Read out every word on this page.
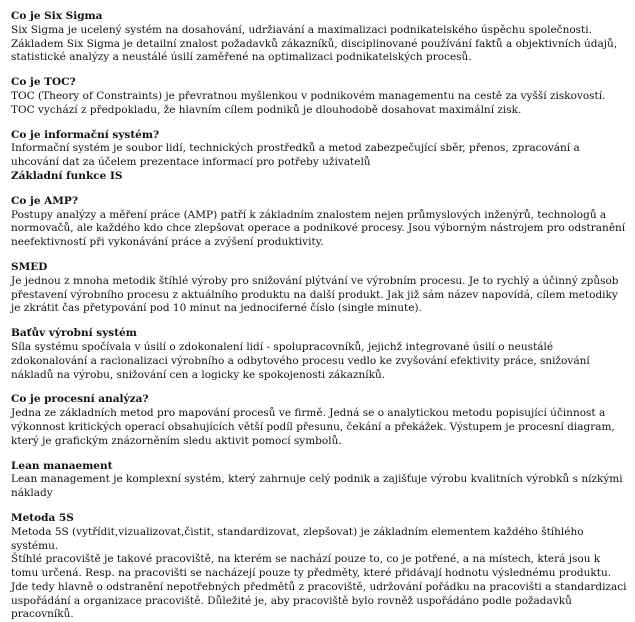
Co je Six Sigma

Six Sigma je ucelený systém na dosahování, udržiavání a maximalizaci podnikatelského úspěchu společnosti. Základem Six Sigma je detailní znalost požadavků zákazníků, disciplinované používání faktů a objektivních údajů, statistické analýzy a neustálé úsilí zaměřené na optimalizaci podnikatelských procesů.

Co je TOC?

TOC (Theory of Constraints) je převratnou myšlenkou v podnikovém managementu na cestě za vyšší ziskovostí.

TOC vychází z předpokladu, že hlavním cílem podniků je dlouhodobě dosahovat maximální zisk.

Co je informační systém?

Informační systém je soubor lidí, technických prostředků a metod zabezpečující sběr, přenos, zpracování a uhcování dat za účelem prezentace informací pro potřeby uživatelů

Základní funkce IS

Co je AMP?

Postupy analýzy a měření práce (AMP) patří k základním znalostem nejen průmyslových inženýrů, technologů a normovačů, ale každého kdo chce zlepšovat operace a podnikové procesy. Jsou výborným nástrojem pro odstranění neefektivností při vykonávání práce a zvýšení produktivity.

SMED

Je jednou z mnoha metodik štíhlé výroby pro snižování plýtvání ve výrobním procesu. Je to rychlý a účinný způsob přestavení výrobního procesu z aktuálního produktu na další produkt. Jak již sám název napovídá, cílem metodiky je zkrátit čas přetypování pod 10 minut na jednociferné číslo (single minute).

Baťův výrobní systém

Síla systému spočívala v úsilí o zdokonalení lidí - spolupracovníků, jejichž integrované úsilí o neustálé zdokonalování a racionalizaci výrobního a odbytového procesu vedlo ke zvyšování efektivity práce, snižování nákladů na výrobu, snižování cen a logicky ke spokojenosti zákazníků.

Co je procesní analýza?

Jedna ze základních metod pro mapování procesů ve firmě. Jedná se o analytickou metodu popisující účinnost a výkonnost kritických operací obsahujících větší podíl přesunu, čekání a překážek. Výstupem je procesní diagram, který je grafickým znázorněním sledu aktivit pomocí symbolů.

Lean manaement

Lean management je komplexní systém, který zahrnuje celý podnik a zajišťuje výrobu kvalitních výrobků s nízkými náklady

Metoda 5S

Metoda 5S (vytřídit,vizualizovat,čistit, standardizovat, zlepšovat) je základním elementem každého štíhlého systému.

Štíhlé pracoviště je takové pracoviště, na kterém se nachází pouze to, co je potřené, a na místech, která jsou k tomu určená. Resp. na pracovišti se nacházejí pouze ty předměty, které přidávají hodnotu výslednému produktu. Jde tedy hlavně o odstranění nepotřebných předmětů z pracoviště, udržování pořádku na pracovišti a standardizaci uspořádání a organizace pracoviště. Důležité je, aby pracoviště bylo rovněž uspořádáno podle požadavků pracovníků.
